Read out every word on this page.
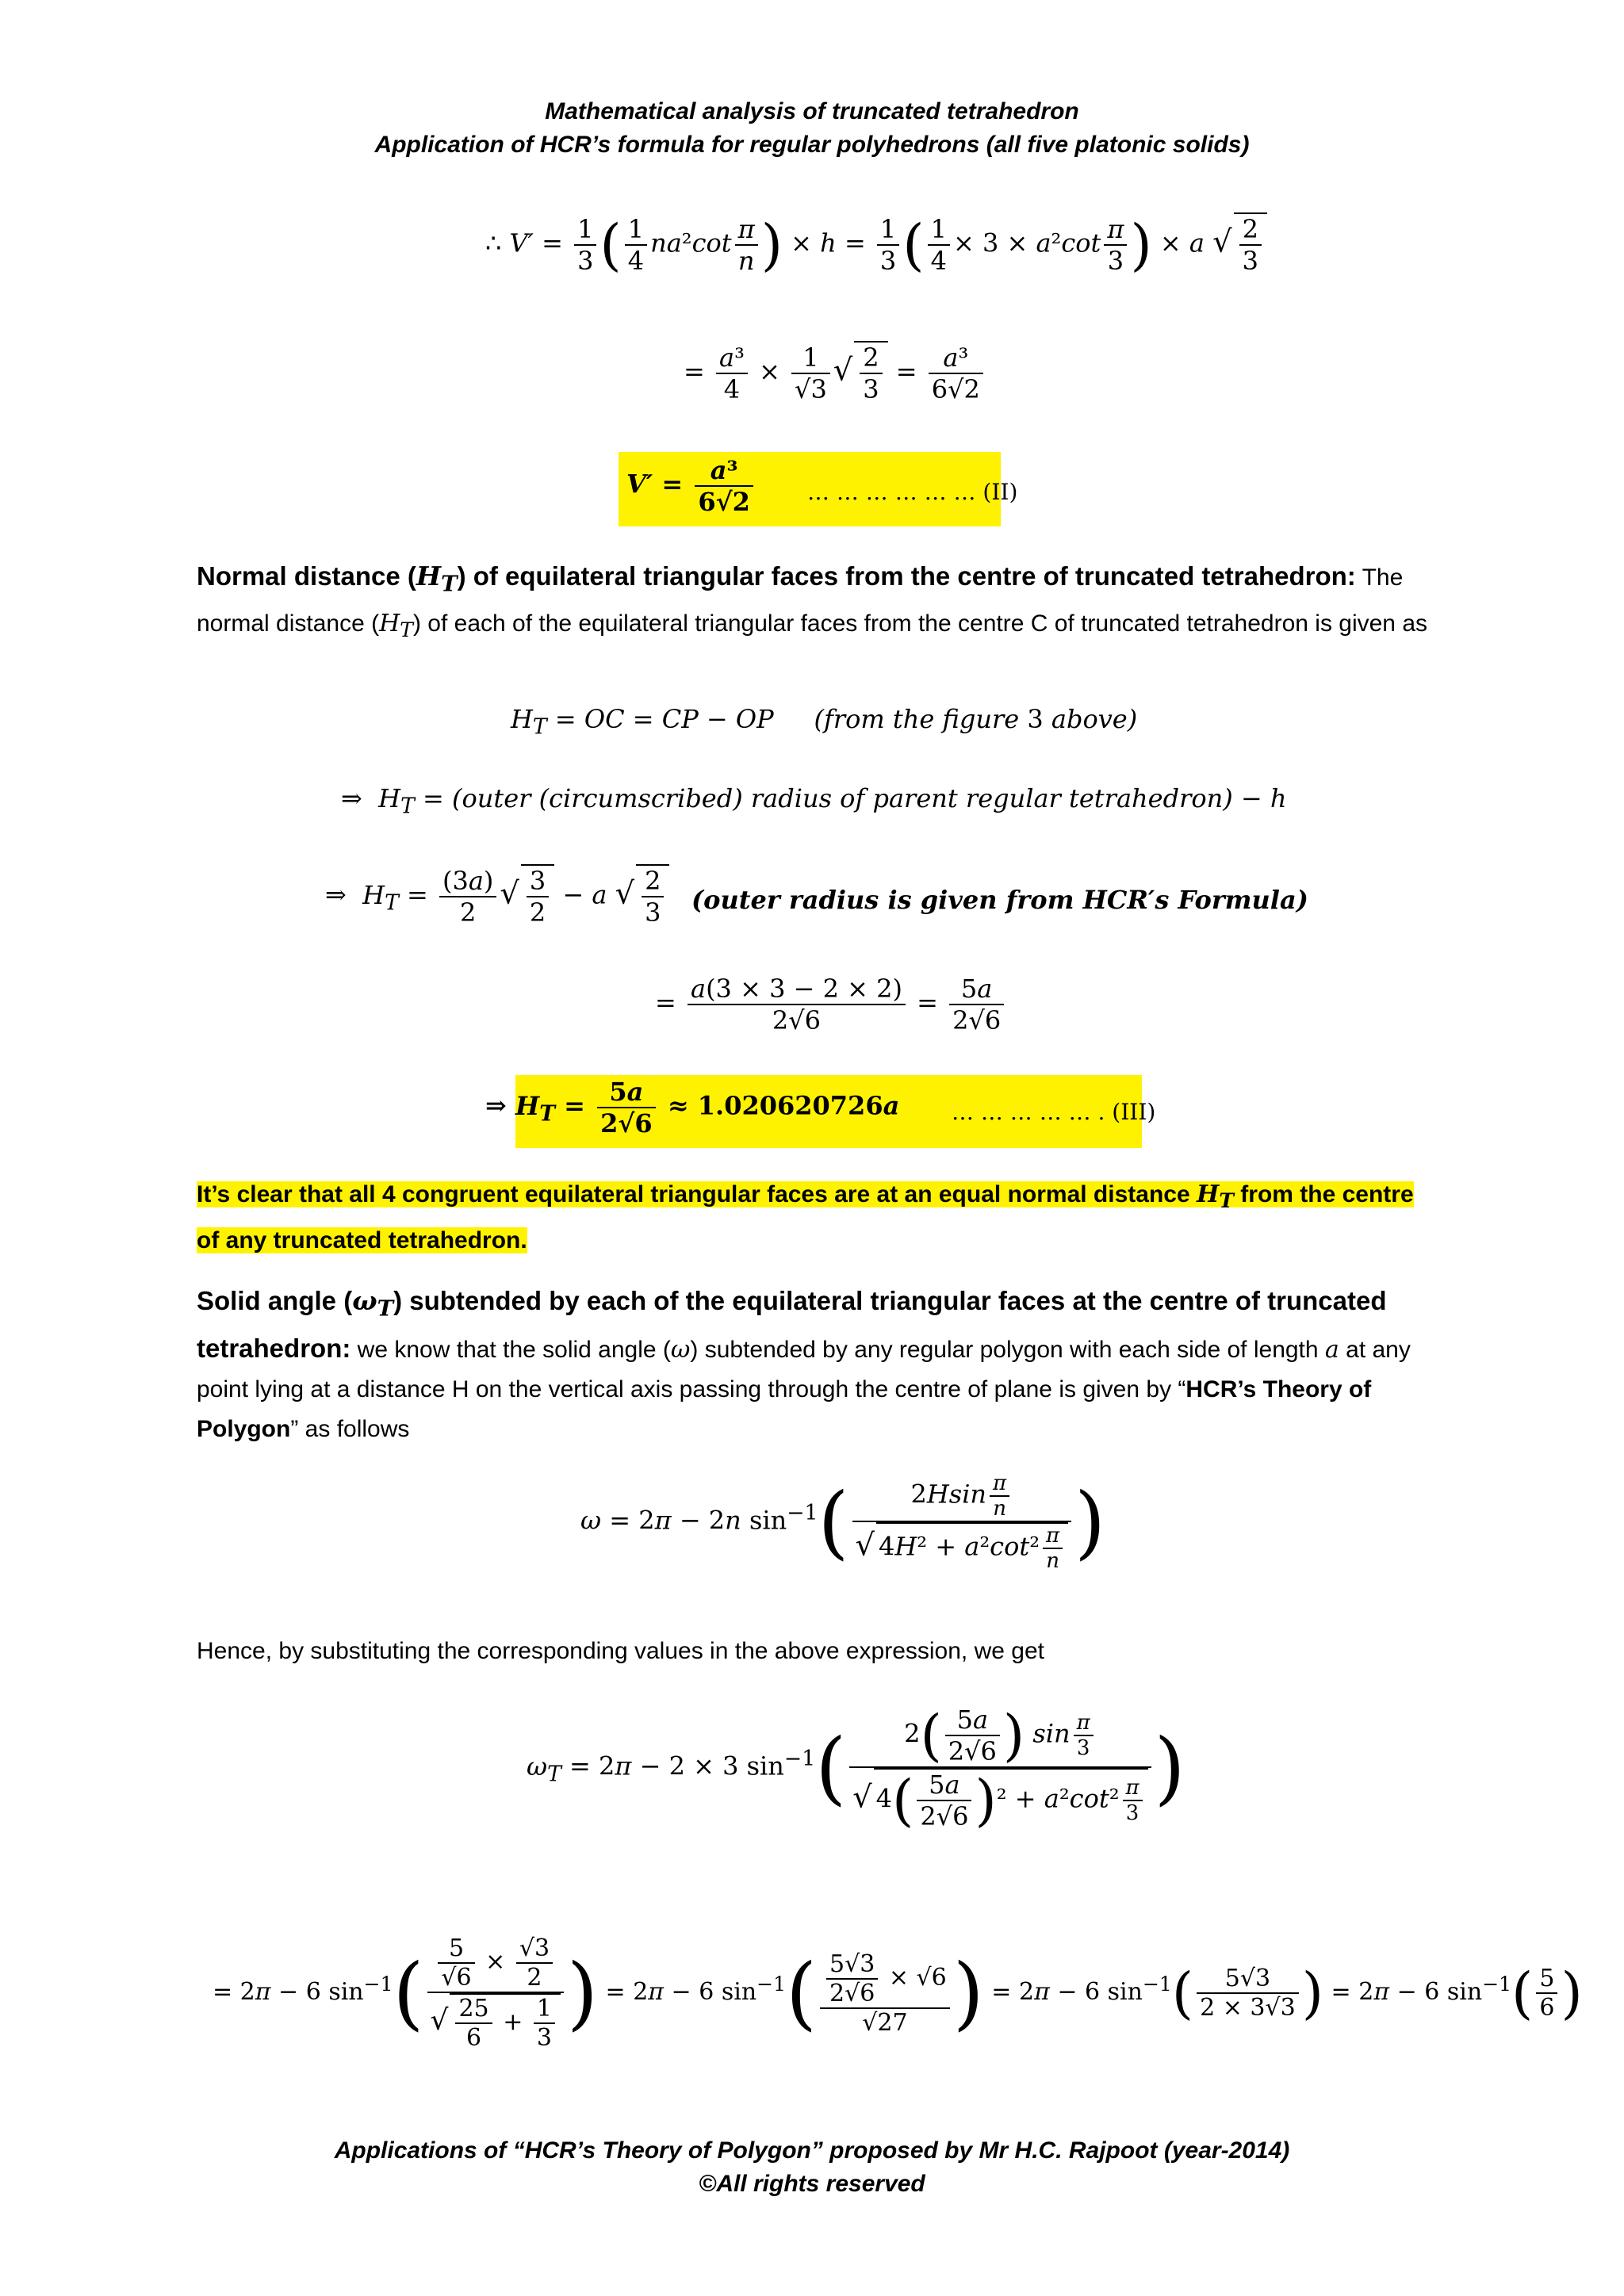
Mathematical analysis of truncated tetrahedron
Application of HCR’s formula for regular polyhedrons (all five platonic solids)
∴ $V' = \frac{1}{3}$ ( $\frac{1}{4} na^2\cot \frac{\pi}{n}$ ) × $h = \frac{1}{3}$ ( $\frac{1}{4} \times 3 \times a^2\cot \frac{\pi}{3}$ ) × a √ $\frac{2}{3}$
= $\frac{\text{a³}}{4} \times \frac{1}{√3}$ √ $\frac{2}{3} = \frac{\text{a³}}{6√2}$
$V' = \frac{\text{a³}}{6√2}$ … … … … … … (II)
Normal distance $(H_T)$ of equilateral triangular faces from the centre of truncated tetrahedron: The normal distance $(H_T)$ of each of the equilateral triangular faces from the centre C of truncated tetrahedron is given as
$H_T$ = OC = CP − OP (from the figure 3 above)
⇒  $H_T$ = (outer (circumscribed) radius of parent regular tetrahedron) − h
⇒  $H_T = \frac{(3a)}{2}$ √ $\frac{3}{2} - a$ √ $\frac{2}{3}$ (outer radius is given from HCR′s Formula)
= $\frac{a(3 \times 3 - 2 \times 2)}{2√6} = \frac{5a}{2√6}$
⇒ $H_T = \frac{5a}{2√6} \approx 1.020620726a$ … … … … … . (III)
It’s clear that all 4 congruent equilateral triangular faces are at an equal normal distance $H_T$ from the centre of any truncated tetrahedron.
Solid angle $(\omega_T)$ subtended by each of the equilateral triangular faces at the centre of truncated tetrahedron: we know that the solid angle (ω) subtended by any regular polygon with each side of length a at any point lying at a distance H on the vertical axis passing through the centre of plane is given by “HCR’s Theory of Polygon” as follows
ω = 2π − 2n $\sin^{-1}( \frac{2Hsin \frac{\pi}{n}}{√ 4H^2 + a^2\cot^2 \frac{\pi}{n}}$ )
Hence, by substituting the corresponding values in the above expression, we get
$\omega_T = 2\pi - 2 \times 3$ $\sin^{-1}( \frac{2( \frac{5a}{2√6} ) \sin \frac{\pi}{3}}{√ 4( \frac{5a}{2√6} )^2 + a^2\cot^2 \frac{\pi}{3}}$ )
= 2π − 6 $\sin^{-1}( \frac{\frac{5}{√6} \times \frac{√3}{2}}{√ \frac{25}{6} + \frac{1}{3}}$ ) = 2π − 6 $\sin^{-1}( \frac{\frac{5√3}{2√6} \times √6}{√27}$ ) = 2π − 6 $\sin^{-1}( \frac{5√3}{2 \times 3√3}$ ) = 2π − 6 $\sin^{-1}( \frac{5}{6}$ )
Applications of “HCR’s Theory of Polygon” proposed by Mr H.C. Rajpoot (year-2014)
©All rights reserved
